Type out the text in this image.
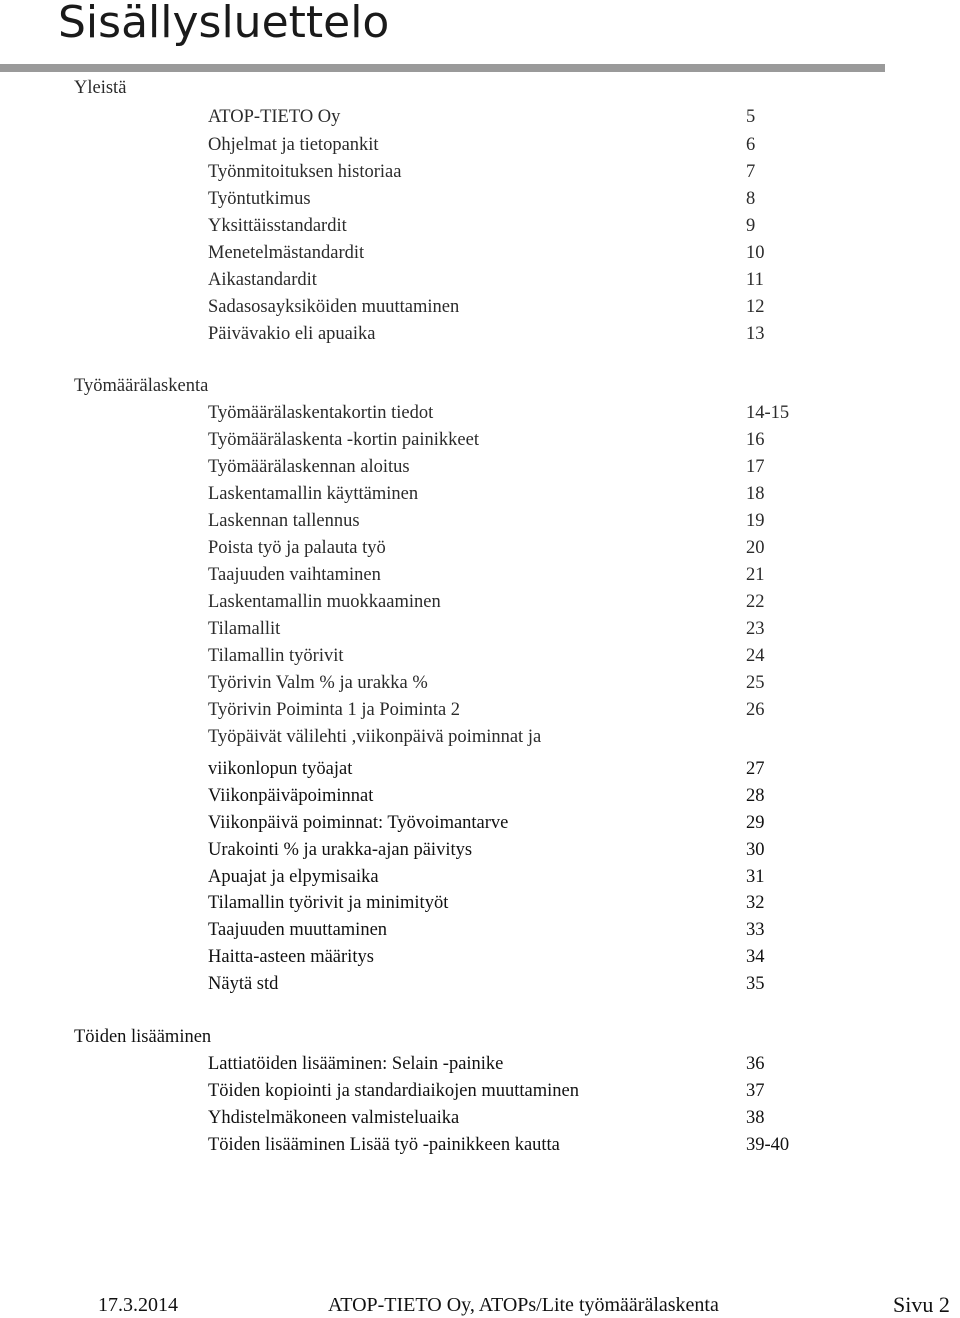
Sisällysluettelo
Yleistä
ATOP-TIETO Oy	5
Ohjelmat ja tietopankit	6
Työnmitoituksen historiaa	7
Työntutkimus	8
Yksittäisstandardit	9
Menetelmästandardit	10
Aikastandardit	11
Sadasosayksiköiden muuttaminen	12
Päivävakio eli apuaika	13
Työmäärälaskenta
Työmäärälaskentakortin tiedot	14-15
Työmäärälaskenta -kortin painikkeet	16
Työmäärälaskennan aloitus	17
Laskentamallin käyttäminen	18
Laskennan tallennus	19
Poista työ ja palauta työ	20
Taajuuden vaihtaminen	21
Laskentamallin muokkaaminen	22
Tilamallit	23
Tilamallin työrivit	24
Työrivin Valm % ja urakka %	25
Työrivin Poiminta 1 ja Poiminta 2	26
Työpäivät välilehti ,viikonpäivä poiminnat ja
viikonlopun työajat	27
Viikonpäiväpoiminnat	28
Viikonpäivä poiminnat: Työvoimantarve	29
Urakointi % ja urakka-ajan päivitys	30
Apuajat ja elpymisaika	31
Tilamallin työrivit ja minimityöt	32
Taajuuden muuttaminen	33
Haitta-asteen määritys	34
Näytä std	35
Töiden lisääminen
Lattiatöiden lisääminen: Selain -painike	36
Töiden kopiointi ja standardiaikojen muuttaminen	37
Yhdistelmäkoneen valmisteluaika	38
Töiden lisääminen Lisää työ -painikkeen kautta	39-40
17.3.2014	ATOP-TIETO Oy, ATOPs/Lite työmäärälaskenta	Sivu 2
